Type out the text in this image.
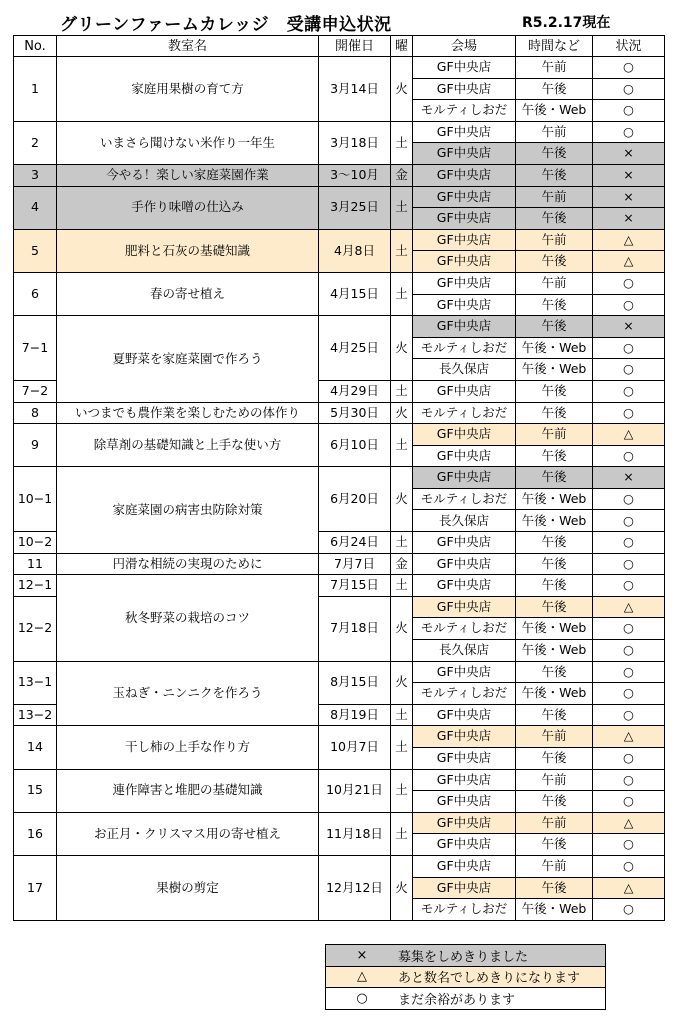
グリーンファームカレッジ　受講申込状況	R5.2.17現在
No.	教室名	開催日	曜	会場	時間など	状況
1	家庭用果樹の育て方	3月14日	火	GF中央店	午前	○
				GF中央店	午後	○
				モルティしおだ	午後・Web	○
2	いまさら聞けない米作り一年生	3月18日	土	GF中央店	午前	○
				GF中央店	午後	×
3	今やる！楽しい家庭菜園作業	3～10月	金	GF中央店	午後	×
4	手作り味噌の仕込み	3月25日	土	GF中央店	午前	×
				GF中央店	午後	×
5	肥料と石灰の基礎知識	4月8日	土	GF中央店	午前	△
				GF中央店	午後	△
6	春の寄せ植え	4月15日	土	GF中央店	午前	○
				GF中央店	午後	○
7−1	夏野菜を家庭菜園で作ろう	4月25日	火	GF中央店	午後	×
				モルティしおだ	午後・Web	○
				長久保店	午後・Web	○
7−2		4月29日	土	GF中央店	午後	○
8	いつまでも農作業を楽しむための体作り	5月30日	火	モルティしおだ	午後	○
9	除草剤の基礎知識と上手な使い方	6月10日	土	GF中央店	午前	△
				GF中央店	午後	○
10−1	家庭菜園の病害虫防除対策	6月20日	火	GF中央店	午後	×
				モルティしおだ	午後・Web	○
				長久保店	午後・Web	○
10−2		6月24日	土	GF中央店	午後	○
11	円滑な相続の実現のために	7月7日	金	GF中央店	午後	○
12−1	秋冬野菜の栽培のコツ	7月15日	土	GF中央店	午後	○
12−2		7月18日	火	GF中央店	午後	△
				モルティしおだ	午後・Web	○
				長久保店	午後・Web	○
13−1	玉ねぎ・ニンニクを作ろう	8月15日	火	GF中央店	午後	○
				モルティしおだ	午後・Web	○
13−2		8月19日	土	GF中央店	午後	○
14	干し柿の上手な作り方	10月7日	土	GF中央店	午前	△
				GF中央店	午後	○
15	連作障害と堆肥の基礎知識	10月21日	土	GF中央店	午前	○
				GF中央店	午後	○
16	お正月・クリスマス用の寄せ植え	11月18日	土	GF中央店	午前	△
				GF中央店	午後	○
17	果樹の剪定	12月12日	火	GF中央店	午前	○
				GF中央店	午後	△
				モルティしおだ	午後・Web	○
×	募集をしめきりました
△	あと数名でしめきりになります
○	まだ余裕があります
